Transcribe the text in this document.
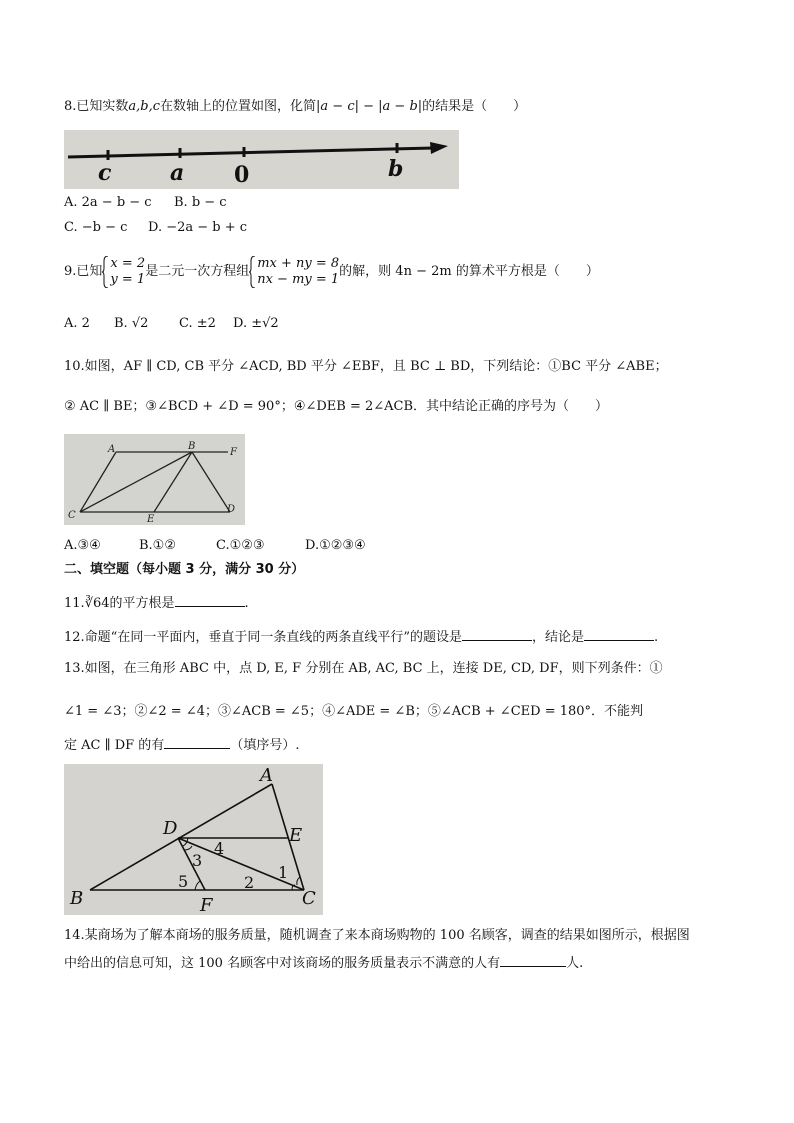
8.已知实数a,b,c在数轴上的位置如图，化简|a − c| − |a − b|的结果是（　　）
c	a 0	b
A. 2a − b − c B. b − c
C. −b − c D. −2a − b + c
9.已知
x = 2
y = 1 是二元一次方程组
mx + ny = 8
nx − my = 1 的解，则 4n − 2m 的算术平方根是（　　）
A. 2 B. √2 C. ±2 D. ±√2
10.如图，AF ∥ CD, CB 平分 ∠ACD, BD 平分 ∠EBF，且 BC ⊥ BD，下列结论：①BC 平分 ∠ABE；
② AC ∥ BE；③∠BCD + ∠D = 90°；④∠DEB = 2∠ACB．其中结论正确的序号为（　　）
A	B
F
C	E
D
A.③④	B.①②	C.①②③	D.①②③④
二、填空题（每小题 3 分，满分 30 分）
11.∛64的平方根是	.
12.命题“在同一平面内，垂直于同一条直线的两条直线平行”的题设是	，结论是	.
13.如图，在三角形 ABC 中，点 D, E, F 分别在 AB, AC, BC 上，连接 DE, CD, DF，则下列条件：①
∠1 = ∠3；②∠2 = ∠4；③∠ACB = ∠5；④∠ADE = ∠B；⑤∠ACB + ∠CED = 180°．不能判
定 AC ∥ DF 的有	（填序号）.
A
D	E
4
3
5	2
1
B	F	C
14.某商场为了解本商场的服务质量，随机调查了来本商场购物的 100 名顾客，调查的结果如图所示，根据图
中给出的信息可知，这 100 名顾客中对该商场的服务质量表示不满意的人有	人.
